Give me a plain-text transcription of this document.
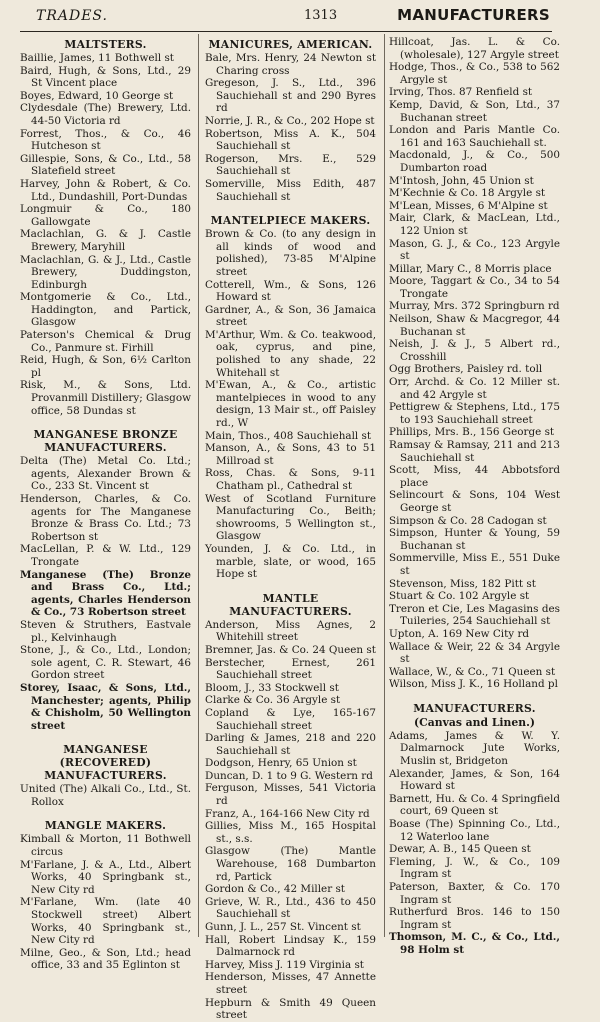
TRADES.	1313	MANUFACTURERS
MALTSTERS.

Baillie, James, 11 Bothwell st

Baird, Hugh, & Sons, Ltd., 29 St Vincent place

Boyes, Edward, 10 George st

Clydesdale (The) Brewery, Ltd. 44-50 Victoria rd

Forrest, Thos., & Co., 46 Hutcheson st

Gillespie, Sons, & Co., Ltd., 58 Slatefield street

Harvey, John & Robert, & Co. Ltd., Dundashill, Port-Dundas

Longmuir & Co., 180 Gallowgate

Maclachlan, G. & J. Castle Brewery, Maryhill

Maclachlan, G. & J., Ltd., Castle Brewery, Duddingston, Edinburgh

Montgomerie & Co., Ltd., Haddington, and Partick, Glasgow

Paterson's Chemical & Drug Co., Panmure st. Firhill

Reid, Hugh, & Son, 6½ Carlton pl

Risk, M., & Sons, Ltd. Provanmill Distillery; Glasgow office, 58 Dundas st

MANGANESE BRONZE MANUFACTURERS.

Delta (The) Metal Co. Ltd.; agents, Alexander Brown & Co., 233 St. Vincent st

Henderson, Charles, & Co. agents for The Manganese Bronze & Brass Co. Ltd.; 73 Robertson st

MacLellan, P. & W. Ltd., 129 Trongate

Manganese (The) Bronze and Brass Co., Ltd.; agents, Charles Henderson & Co., 73 Robertson street

Steven & Struthers, Eastvale pl., Kelvinhaugh

Stone, J., & Co., Ltd., London; sole agent, C. R. Stewart, 46 Gordon street

Storey, Isaac, & Sons, Ltd., Manchester; agents, Philip & Chisholm, 50 Wellington street

MANGANESE (RECOVERED) MANUFACTURERS.

United (The) Alkali Co., Ltd., St. Rollox

MANGLE MAKERS.

Kimball & Morton, 11 Bothwell circus

M'Farlane, J. & A., Ltd., Albert Works, 40 Springbank st., New City rd

M'Farlane, Wm. (late 40 Stockwell street) Albert Works, 40 Springbank st., New City rd

Milne, Geo., & Son, Ltd.; head office, 33 and 35 Eglinton st

MANICURES, AMERICAN.

Bale, Mrs. Henry, 24 Newton st Charing cross

Gregeson, J. S., Ltd., 396 Sauchiehall st and 290 Byres rd

Norrie, J. R., & Co., 202 Hope st

Robertson, Miss A. K., 504 Sauchiehall st

Rogerson, Mrs. E., 529 Sauchiehall st

Somerville, Miss Edith, 487 Sauchiehall st

MANTELPIECE MAKERS.

Brown & Co. (to any design in all kinds of wood and polished), 73-85 M'Alpine street

Cotterell, Wm., & Sons, 126 Howard st

Gardner, A., & Son, 36 Jamaica street

M'Arthur, Wm. & Co. teakwood, oak, cyprus, and pine, polished to any shade, 22 Whitehall st

M'Ewan, A., & Co., artistic mantelpieces in wood to any design, 13 Mair st., off Paisley rd., W

Main, Thos., 408 Sauchiehall st

Manson, A., & Sons, 43 to 51 Millroad st

Ross, Chas. & Sons, 9-11 Chatham pl., Cathedral st

West of Scotland Furniture Manufacturing Co., Beith; showrooms, 5 Wellington st., Glasgow

Younden, J. & Co. Ltd., in marble, slate, or wood, 165 Hope st

MANTLE MANUFACTURERS.

Anderson, Miss Agnes, 2 Whitehill street

Bremner, Jas. & Co. 24 Queen st

Berstecher, Ernest, 261 Sauchiehall street

Bloom, J., 33 Stockwell st

Clarke & Co. 36 Argyle st

Copland & Lye, 165-167 Sauchiehall street

Darling & James, 218 and 220 Sauchiehall st

Dodgson, Henry, 65 Union st

Duncan, D. 1 to 9 G. Western rd

Ferguson, Misses, 541 Victoria rd

Franz, A., 164-166 New City rd

Gillies, Miss M., 165 Hospital st., s.s.

Glasgow (The) Mantle Warehouse, 168 Dumbarton rd, Partick

Gordon & Co., 42 Miller st

Grieve, W. R., Ltd., 436 to 450 Sauchiehall st

Gunn, J. L., 257 St. Vincent st

Hall, Robert Lindsay K., 159 Dalmarnock rd

Harvey, Miss J. 119 Virginia st

Henderson, Misses, 47 Annette street

Hepburn & Smith 49 Queen street

Hillcoat, Jas. L. & Co. (wholesale), 127 Argyle street

Hodge, Thos., & Co., 538 to 562 Argyle st

Irving, Thos. 87 Renfield st

Kemp, David, & Son, Ltd., 37 Buchanan street

London and Paris Mantle Co. 161 and 163 Sauchiehall st.

Macdonald, J., & Co., 500 Dumbarton road

M'Intosh, John, 45 Union st

M'Kechnie & Co. 18 Argyle st

M'Lean, Misses, 6 M'Alpine st

Mair, Clark, & MacLean, Ltd., 122 Union st

Mason, G. J., & Co., 123 Argyle st

Millar, Mary C., 8 Morris place

Moore, Taggart & Co., 34 to 54 Trongate

Murray, Mrs. 372 Springburn rd

Neilson, Shaw & Macgregor, 44 Buchanan st

Neish, J. & J., 5 Albert rd., Crosshill

Ogg Brothers, Paisley rd. toll

Orr, Archd. & Co. 12 Miller st. and 42 Argyle st

Pettigrew & Stephens, Ltd., 175 to 193 Sauchiehall street

Phillips, Mrs. B., 156 George st

Ramsay & Ramsay, 211 and 213 Sauchiehall st

Scott, Miss, 44 Abbotsford place

Selincourt & Sons, 104 West George st

Simpson & Co. 28 Cadogan st

Simpson, Hunter & Young, 59 Buchanan st

Sommerville, Miss E., 551 Duke st

Stevenson, Miss, 182 Pitt st

Stuart & Co. 102 Argyle st

Treron et Cie, Les Magasins des Tuileries, 254 Sauchiehall st

Upton, A. 169 New City rd

Wallace & Weir, 22 & 34 Argyle st

Wallace, W., & Co., 71 Queen st

Wilson, Miss J. K., 16 Holland pl

MANUFACTURERS.
(Canvas and Linen.)

Adams, James & W. Y. Dalmarnock Jute Works, Muslin st, Bridgeton

Alexander, James, & Son, 164 Howard st

Barnett, Hu. & Co. 4 Springfield court, 69 Queen st

Boase (The) Spinning Co., Ltd., 12 Waterloo lane

Dewar, A. B., 145 Queen st

Fleming, J. W., & Co., 109 Ingram st

Paterson, Baxter, & Co. 170 Ingram st

Rutherfurd Bros. 146 to 150 Ingram st

Thomson, M. C., & Co., Ltd., 98 Holm st
